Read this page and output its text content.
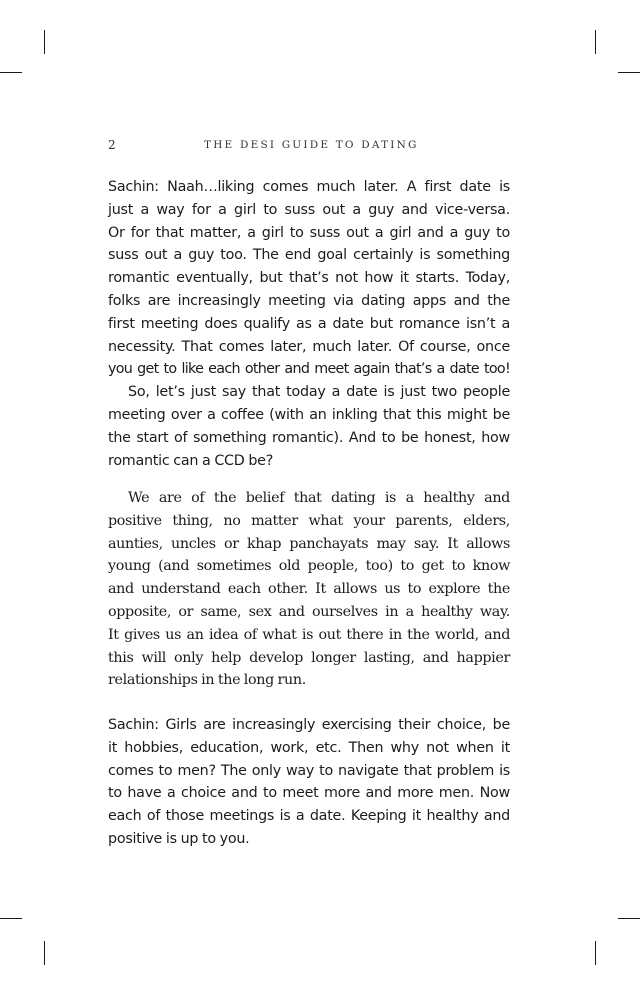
2	THE DESI GUIDE TO DATING
Sachin: Naah…liking comes much later. A first date is
just a way for a girl to suss out a guy and vice-versa.
Or for that matter, a girl to suss out a girl and a guy to
suss out a guy too. The end goal certainly is something
romantic eventually, but that’s not how it starts. Today,
folks are increasingly meeting via dating apps and the
first meeting does qualify as a date but romance isn’t a
necessity. That comes later, much later. Of course, once
you get to like each other and meet again that’s a date too!
So, let’s just say that today a date is just two people
meeting over a coffee (with an inkling that this might be
the start of something romantic). And to be honest, how
romantic can a CCD be?
We are of the belief that dating is a healthy and
positive thing, no matter what your parents, elders,
aunties, uncles or khap panchayats may say. It allows
young (and sometimes old people, too) to get to know
and understand each other. It allows us to explore the
opposite, or same, sex and ourselves in a healthy way.
It gives us an idea of what is out there in the world, and
this will only help develop longer lasting, and happier
relationships in the long run.
Sachin: Girls are increasingly exercising their choice, be
it hobbies, education, work, etc. Then why not when it
comes to men? The only way to navigate that problem is
to have a choice and to meet more and more men. Now
each of those meetings is a date. Keeping it healthy and
positive is up to you.
